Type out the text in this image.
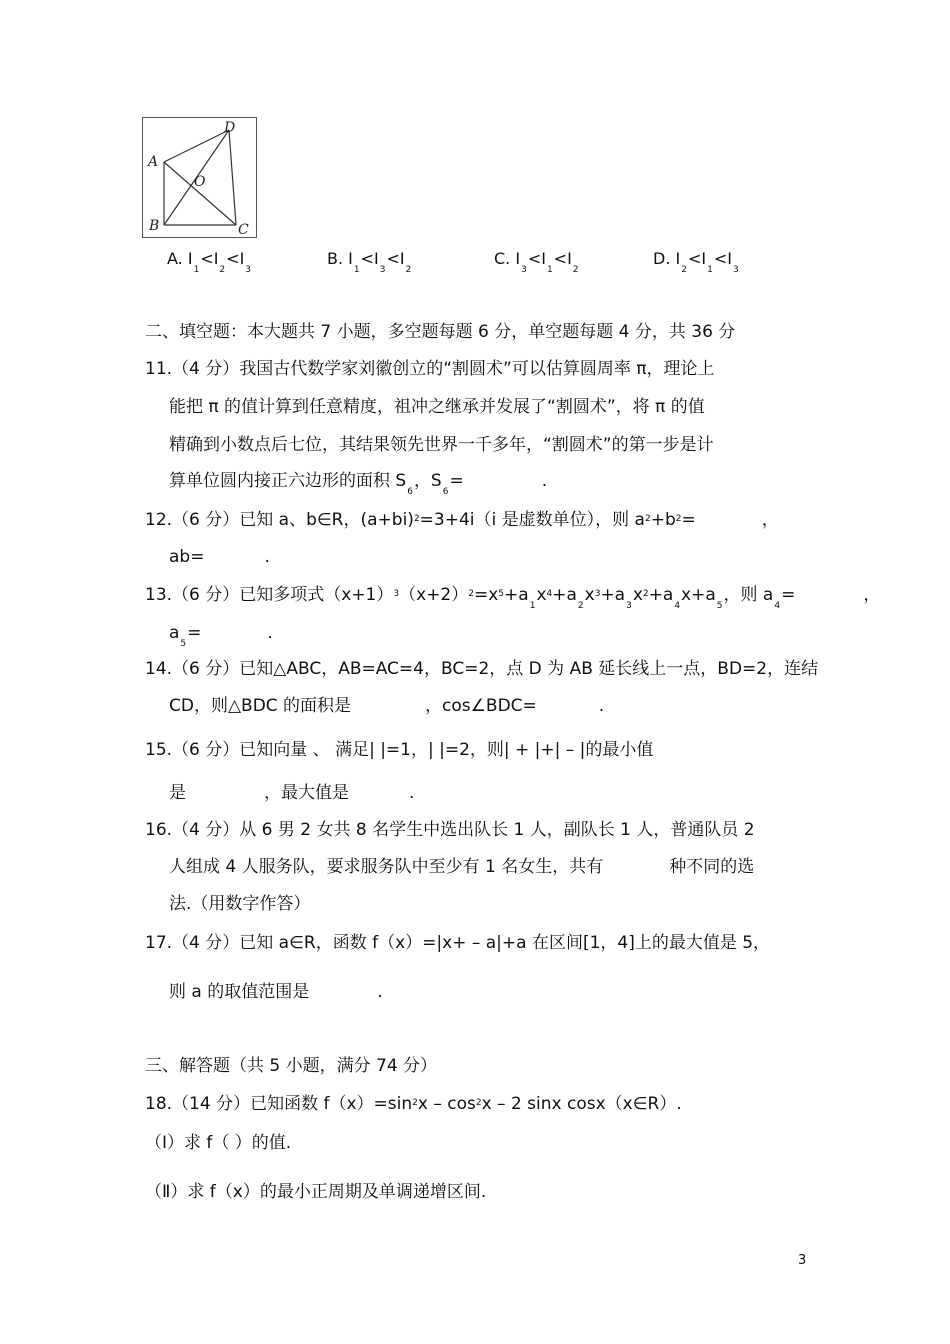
D
A
O
B	C
A. $I_1<I_2<I_3$
B. $I_1<I_3<I_2$
C. $I_3<I_1<I_2$
D. $I_2<I_1<I_3$
二、填空题：本大题共 7 小题，多空题每题 6 分，单空题每题 4 分，共 36 分
11.（4 分）我国古代数学家刘徽创立的“割圆术”可以估算圆周率 π，理论上
能把 π 的值计算到任意精度，祖冲之继承并发展了“割圆术”，将 π 的值
精确到小数点后七位，其结果领先世界一千多年，“割圆术”的第一步是计
算单位圆内接正六边形的面积 $S_6$，$S_6=$	.
12.（6 分）已知 a、b∈R，$(a+bi)^2=3+4i(i$ 是虚数单位），则 $a^2+b^2=$	，
ab=	.
13.（6 分）已知多项式$(x+1)^3(x+2)^2=x^5+a_1x^4+a_2x^3+a_3x^2+a_4x+a_5$，则 $a_4=$	，
$a_5=$	.
14.（6 分）已知△ABC，AB=AC=4，BC=2，点 D 为 AB 延长线上一点，BD=2，连结
CD，则△BDC 的面积是	，cos∠BDC=	.
15.（6 分）已知向量 、 满足| |=1，| |=2，则| + |+| – |的最小值
是	，最大值是	.
16.（4 分）从 6 男 2 女共 8 名学生中选出队长 1 人，副队长 1 人，普通队员 2
人组成 4 人服务队，要求服务队中至少有 1 名女生，共有	种不同的选
法.（用数字作答）
17.（4 分）已知 a∈R，函数 f（x）=|x+ – a|+a 在区间[1，4]上的最大值是 5，
则 a 的取值范围是	.
三、解答题（共 5 小题，满分 74 分）
18.（14 分）已知函数 $f(x)=\sin^2x - \cos^2x - 2$ sinx cosx（x∈R）.
（Ⅰ）求 f（ ）的值.
（Ⅱ）求 f（x）的最小正周期及单调递增区间.
3
